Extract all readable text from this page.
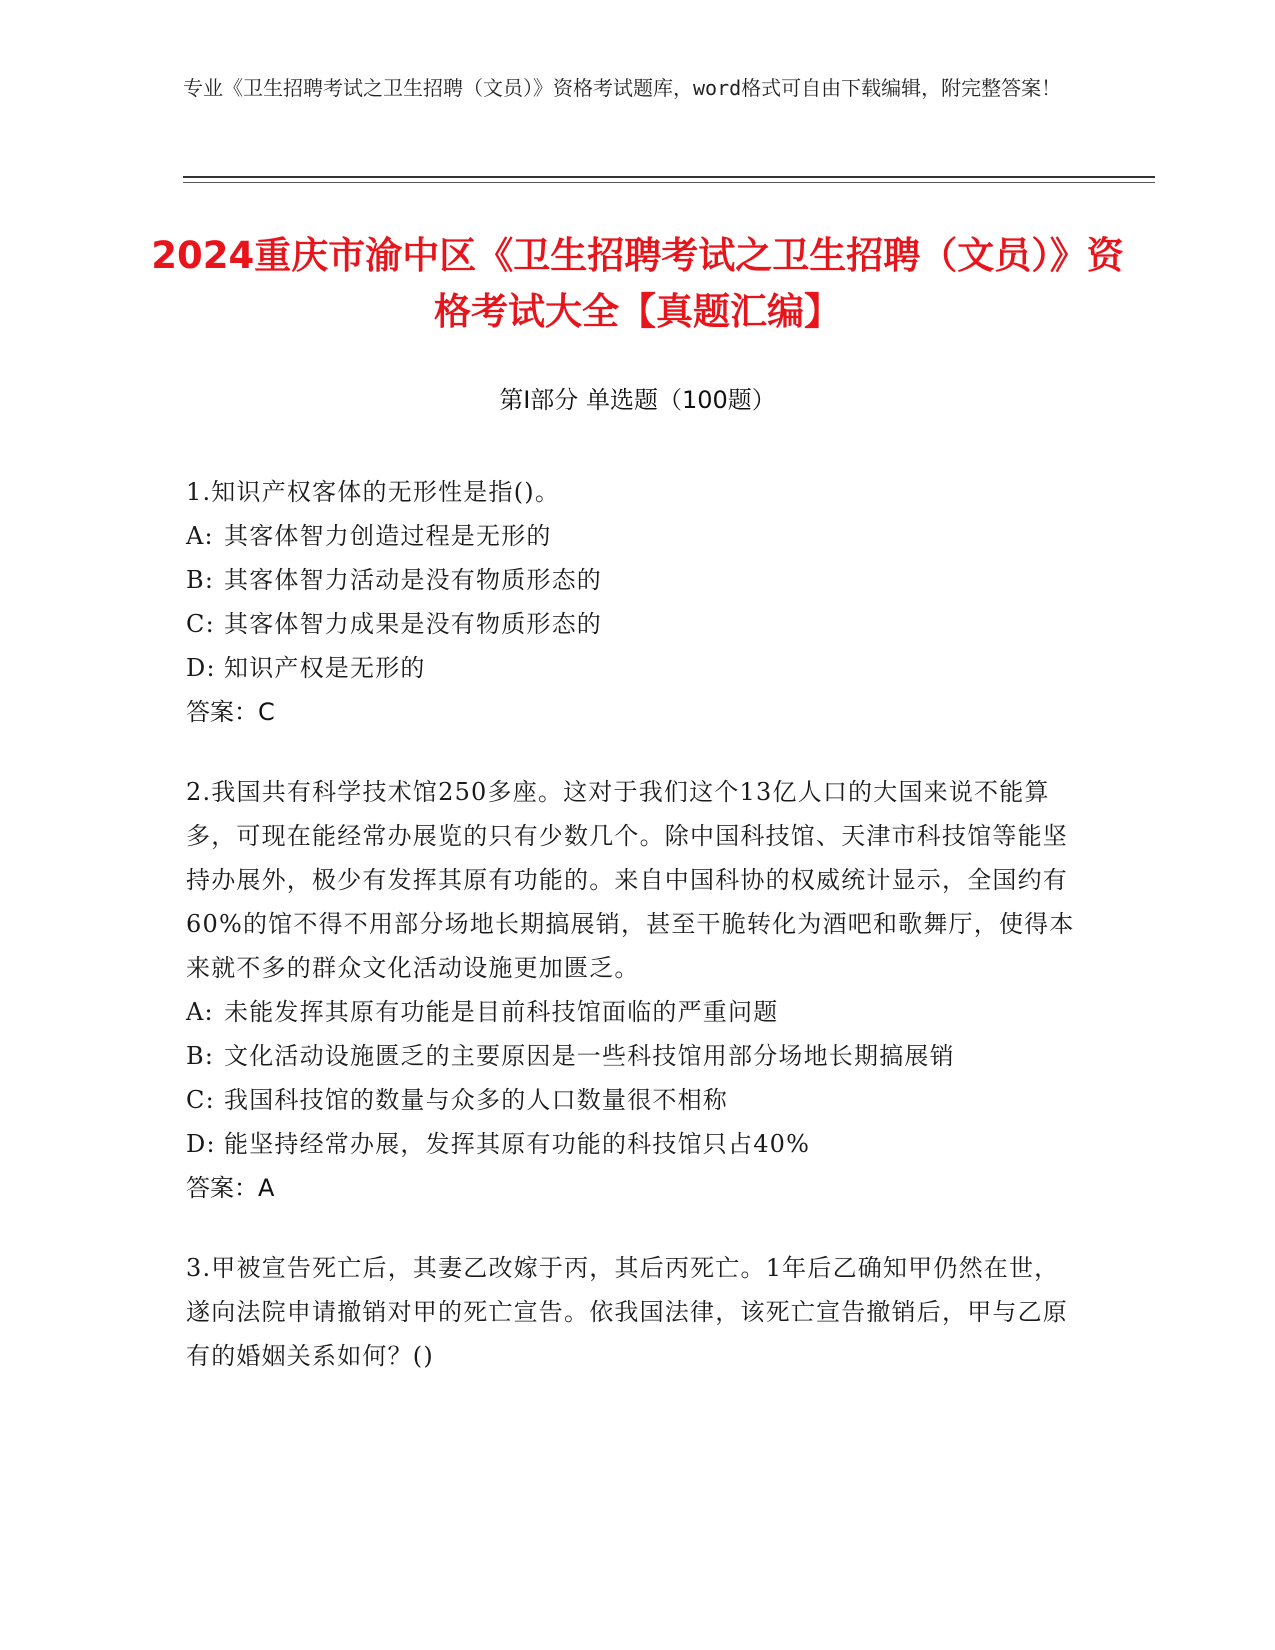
专业《卫生招聘考试之卫生招聘（文员）》资格考试题库，word格式可自由下载编辑，附完整答案！
2024重庆市渝中区《卫生招聘考试之卫生招聘（文员）》资格考试大全【真题汇编】
第I部分 单选题（100题）
1.知识产权客体的无形性是指()。
A: 其客体智力创造过程是无形的
B: 其客体智力活动是没有物质形态的
C: 其客体智力成果是没有物质形态的
D: 知识产权是无形的
答案：C
2.我国共有科学技术馆250多座。这对于我们这个13亿人口的大国来说不能算多，可现在能经常办展览的只有少数几个。除中国科技馆、天津市科技馆等能坚持办展外，极少有发挥其原有功能的。来自中国科协的权威统计显示，全国约有60%的馆不得不用部分场地长期搞展销，甚至干脆转化为酒吧和歌舞厅，使得本来就不多的群众文化活动设施更加匮乏。
A: 未能发挥其原有功能是目前科技馆面临的严重问题
B: 文化活动设施匮乏的主要原因是一些科技馆用部分场地长期搞展销
C: 我国科技馆的数量与众多的人口数量很不相称
D: 能坚持经常办展，发挥其原有功能的科技馆只占40%
答案：A
3.甲被宣告死亡后，其妻乙改嫁于丙，其后丙死亡。1年后乙确知甲仍然在世，遂向法院申请撤销对甲的死亡宣告。依我国法律，该死亡宣告撤销后，甲与乙原有的婚姻关系如何？()
